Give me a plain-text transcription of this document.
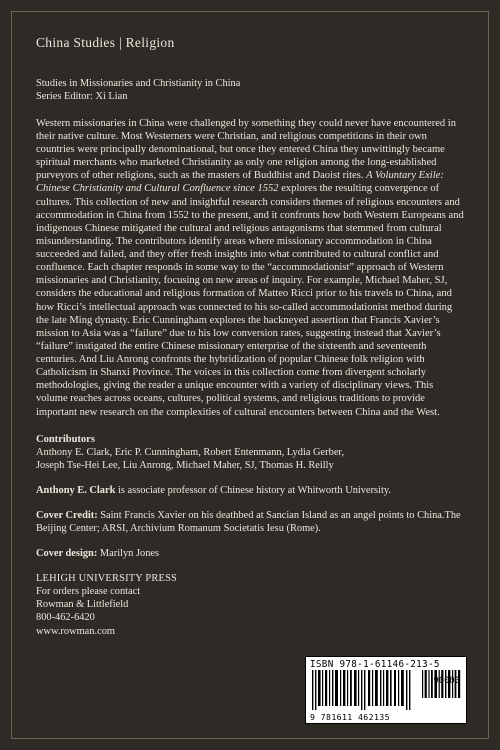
China Studies | Religion

Studies in Missionaries and Christianity in China

Series Editor: Xi Lian

Western missionaries in China were challenged by something they could never have encountered in their native culture. Most Westerners were Christian, and religious competitions in their own countries were principally denominational, but once they entered China they unwittingly became spiritual merchants who marketed Christianity as only one religion among the long-established purveyors of other religions, such as the masters of Buddhist and Daoist rites. A Voluntary Exile: Chinese Christianity and Cultural Confluence since 1552 explores the resulting convergence of cultures. This collection of new and insightful research considers themes of religious encounters and accommodation in China from 1552 to the present, and it confronts how both Western Europeans and indigenous Chinese mitigated the cultural and religious antagonisms that stemmed from cultural misunderstanding. The contributors identify areas where missionary accommodation in China succeeded and failed, and they offer fresh insights into what contributed to cultural conflict and confluence. Each chapter responds in some way to the “accommodationist” approach of Western missionaries and Christianity, focusing on new areas of inquiry. For example, Michael Maher, SJ, considers the educational and religious formation of Matteo Ricci prior to his travels to China, and how Ricci’s intellectual approach was connected to his so-called accommodationist method during the late Ming dynasty. Eric Cunningham explores the hackneyed assertion that Francis Xavier’s mission to Asia was a “failure” due to his low conversion rates, suggesting instead that Xavier’s “failure” instigated the entire Chinese missionary enterprise of the sixteenth and seventeenth centuries. And Liu Anrong confronts the hybridization of popular Chinese folk religion with Catholicism in Shanxi Province. The voices in this collection come from divergent scholarly methodologies, giving the reader a unique encounter with a variety of disciplinary views. This volume reaches across oceans, cultures, political systems, and religious traditions to provide important new research on the complexities of cultural encounters between China and the West.

Contributors

Anthony E. Clark, Eric P. Cunningham, Robert Entenmann, Lydia Gerber,
Joseph Tse-Hei Lee, Liu Anrong, Michael Maher, SJ, Thomas H. Reilly

Anthony E. Clark is associate professor of Chinese history at Whitworth University.

Cover Credit: Saint Francis Xavier on his deathbed at Sancian Island as an angel points to China.The Beijing Center; ARSI, Archivium Romanum Societatis Iesu (Rome).

Cover design: Marilyn Jones

LEHIGH UNIVERSITY PRESS
For orders please contact
Rowman & Littlefield
800-462-6420
www.rowman.com
ISBN 978-1-61146-213-5
90000
9 781611 462135
